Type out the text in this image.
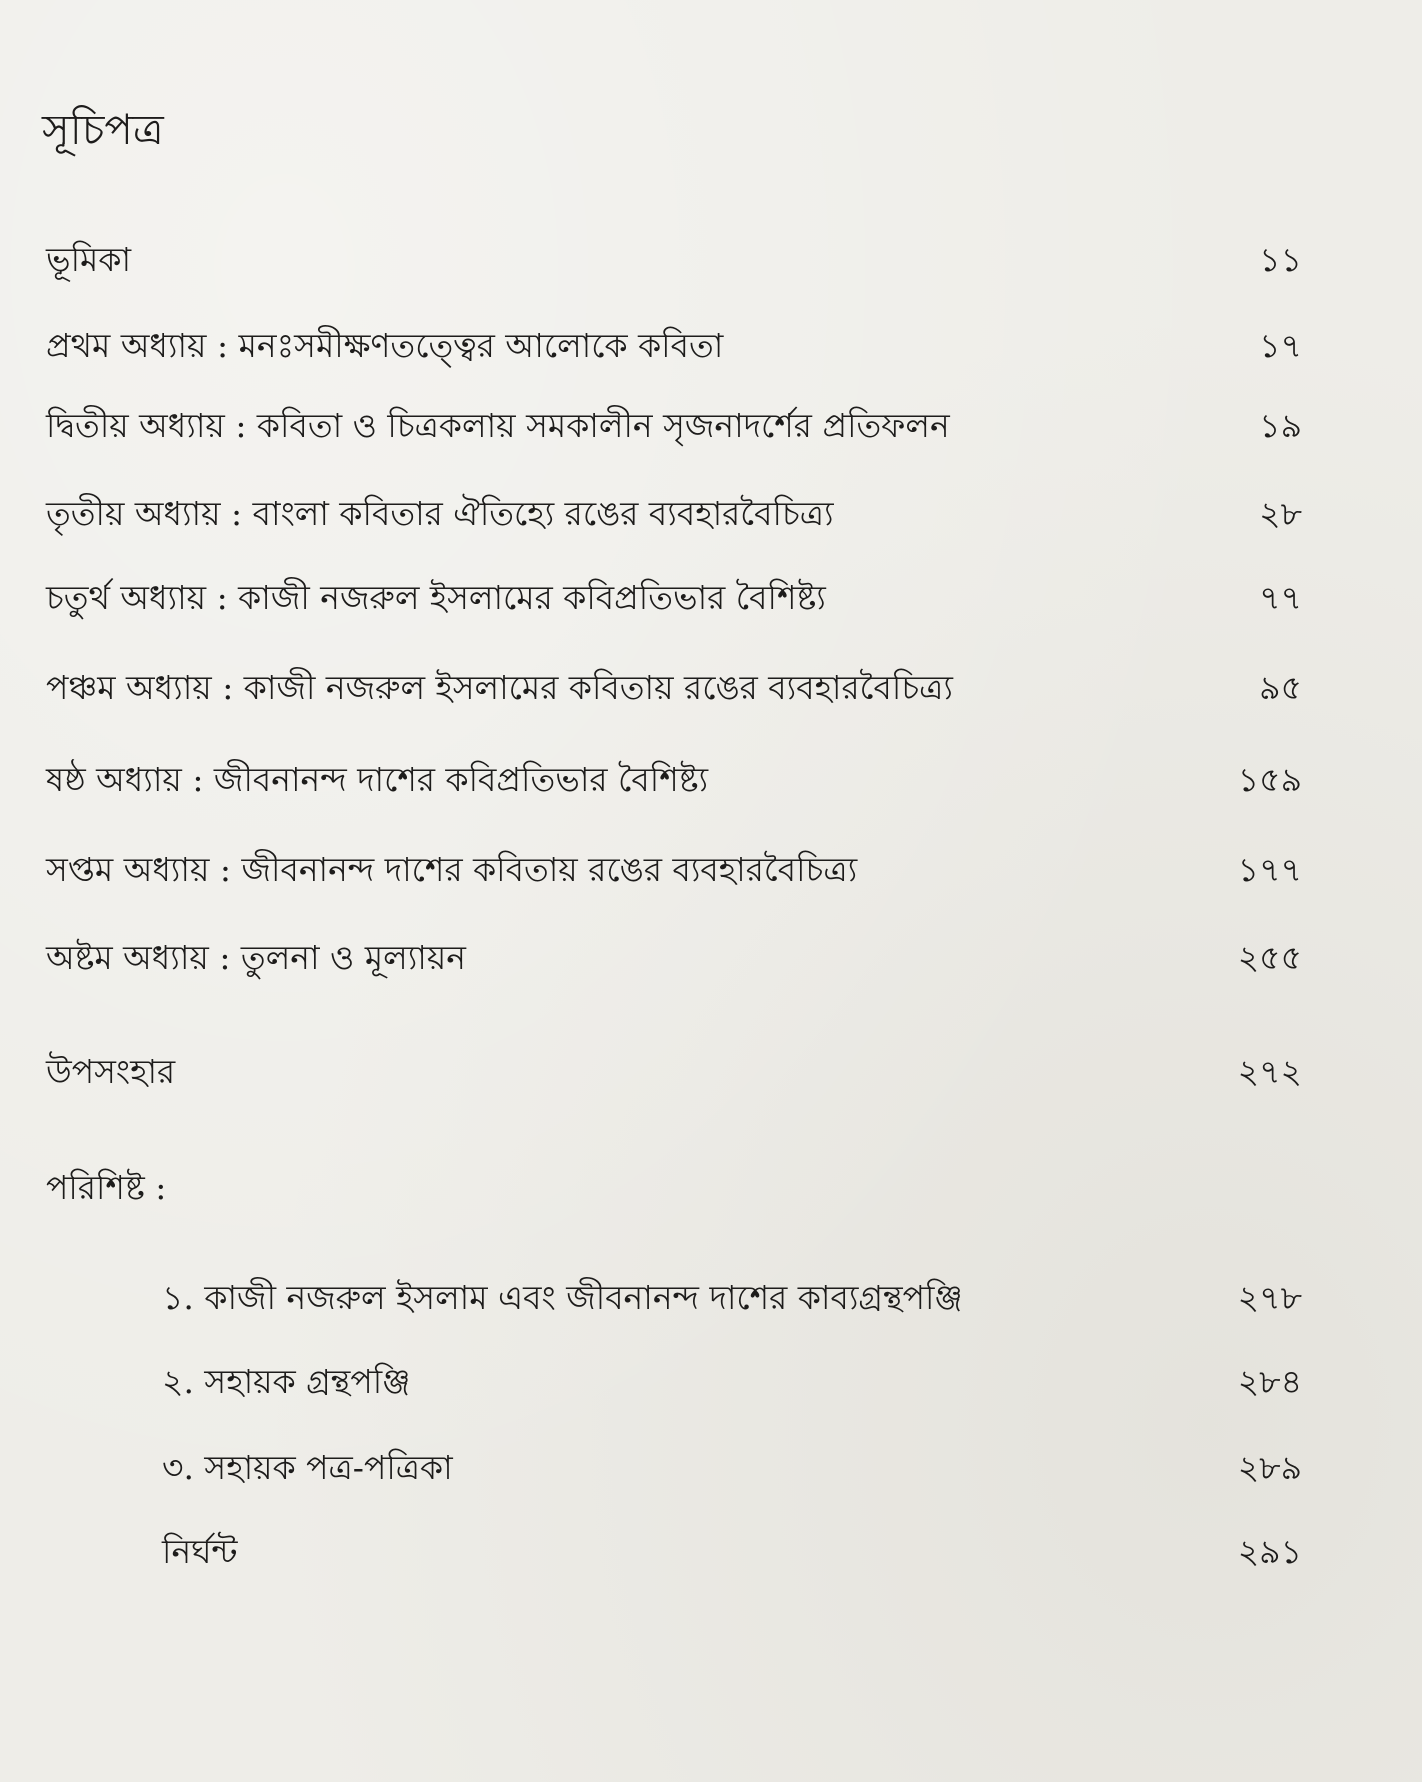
সূচিপত্র
ভূমিকা	১১
প্রথম অধ্যায় : মনঃসমীক্ষণতত্ত্বের আলোকে কবিতা	১৭
দ্বিতীয় অধ্যায় : কবিতা ও চিত্রকলায় সমকালীন সৃজনাদর্শের প্রতিফলন	১৯
তৃতীয় অধ্যায় : বাংলা কবিতার ঐতিহ্যে রঙের ব্যবহারবৈচিত্র্য	২৮
চতুর্থ অধ্যায় : কাজী নজরুল ইসলামের কবিপ্রতিভার বৈশিষ্ট্য	৭৭
পঞ্চম অধ্যায় : কাজী নজরুল ইসলামের কবিতায় রঙের ব্যবহারবৈচিত্র্য	৯৫
ষষ্ঠ অধ্যায় : জীবনানন্দ দাশের কবিপ্রতিভার বৈশিষ্ট্য	১৫৯
সপ্তম অধ্যায় : জীবনানন্দ দাশের কবিতায় রঙের ব্যবহারবৈচিত্র্য	১৭৭
অষ্টম অধ্যায় : তুলনা ও মূল্যায়ন	২৫৫
উপসংহার	২৭২
পরিশিষ্ট :
১. কাজী নজরুল ইসলাম এবং জীবনানন্দ দাশের কাব্যগ্রন্থপঞ্জি	২৭৮
২. সহায়ক গ্রন্থপঞ্জি	২৮৪
৩. সহায়ক পত্র-পত্রিকা	২৮৯
নির্ঘন্ট	২৯১
